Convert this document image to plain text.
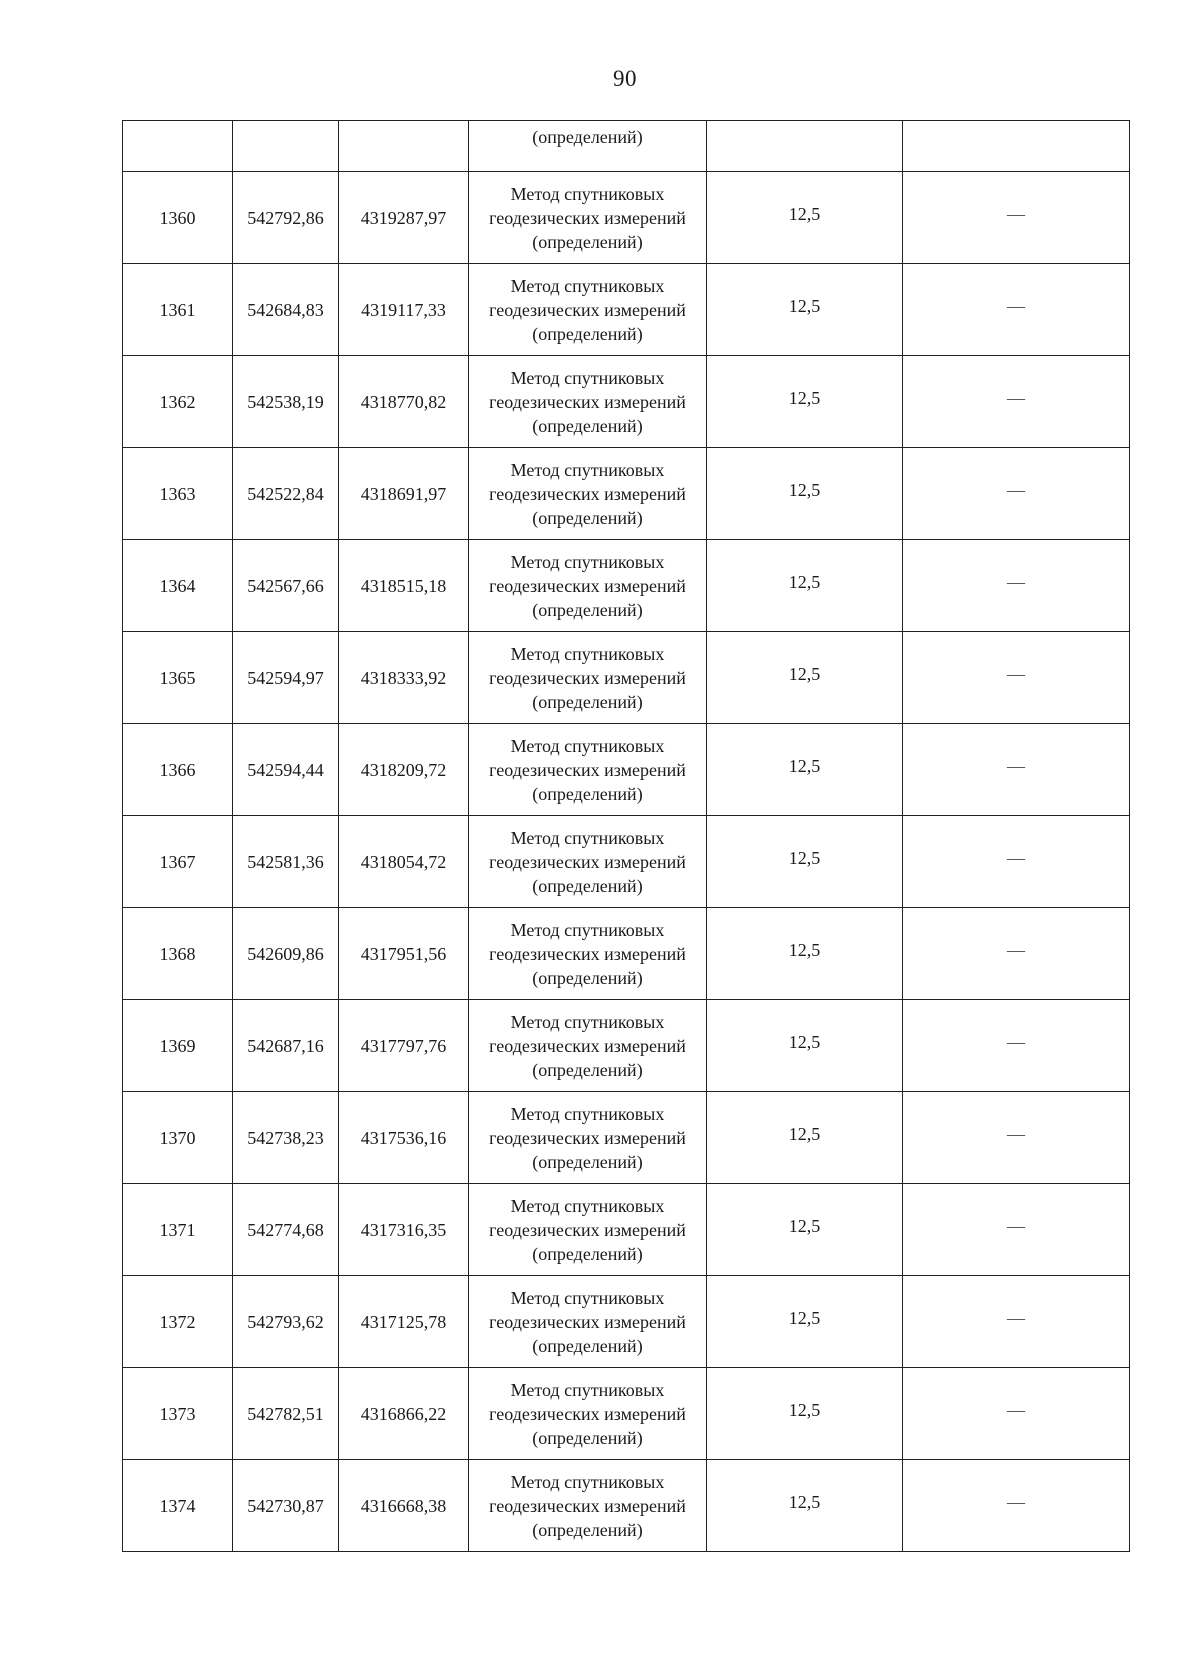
90
			(определений)		
1360	542792,86	4319287,97	Метод спутниковых
геодезических измерений
(определений)	12,5	—
1361	542684,83	4319117,33	Метод спутниковых
геодезических измерений
(определений)	12,5	—
1362	542538,19	4318770,82	Метод спутниковых
геодезических измерений
(определений)	12,5	—
1363	542522,84	4318691,97	Метод спутниковых
геодезических измерений
(определений)	12,5	—
1364	542567,66	4318515,18	Метод спутниковых
геодезических измерений
(определений)	12,5	—
1365	542594,97	4318333,92	Метод спутниковых
геодезических измерений
(определений)	12,5	—
1366	542594,44	4318209,72	Метод спутниковых
геодезических измерений
(определений)	12,5	—
1367	542581,36	4318054,72	Метод спутниковых
геодезических измерений
(определений)	12,5	—
1368	542609,86	4317951,56	Метод спутниковых
геодезических измерений
(определений)	12,5	—
1369	542687,16	4317797,76	Метод спутниковых
геодезических измерений
(определений)	12,5	—
1370	542738,23	4317536,16	Метод спутниковых
геодезических измерений
(определений)	12,5	—
1371	542774,68	4317316,35	Метод спутниковых
геодезических измерений
(определений)	12,5	—
1372	542793,62	4317125,78	Метод спутниковых
геодезических измерений
(определений)	12,5	—
1373	542782,51	4316866,22	Метод спутниковых
геодезических измерений
(определений)	12,5	—
1374	542730,87	4316668,38	Метод спутниковых
геодезических измерений
(определений)	12,5	—
